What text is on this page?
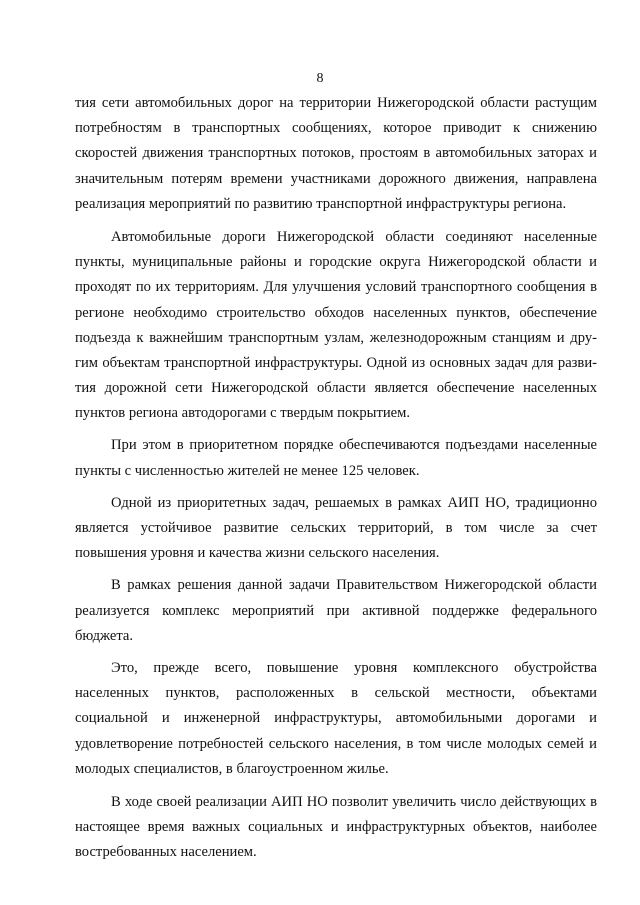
8
тия сети автомобильных дорог на территории Нижегородской области растущим
потребностям в транспортных сообщениях, которое приводит к снижению
скоростей движения транспортных потоков, простоям в автомобильных заторах и
значительным потерям времени участниками дорожного движения, направлена
реализация мероприятий по развитию транспортной инфраструктуры региона.
Автомобильные дороги Нижегородской области соединяют населенные
пункты, муниципальные районы и городские округа Нижегородской области и
проходят по их территориям. Для улучшения условий транспортного сообщения в
регионе необходимо строительство обходов населенных пунктов, обеспечение
подъезда к важнейшим транспортным узлам, железнодорожным станциям и дру-
гим объектам транспортной инфраструктуры. Одной из основных задач для разви-
тия дорожной сети Нижегородской области является обеспечение населенных
пунктов региона автодорогами с твердым покрытием.
При этом в приоритетном порядке обеспечиваются подъездами населенные
пункты с численностью жителей не менее 125 человек.
Одной из приоритетных задач, решаемых в рамках АИП НО, традиционно
является устойчивое развитие сельских территорий, в том числе за счет
повышения уровня и качества жизни сельского населения.
В рамках решения данной задачи Правительством Нижегородской области
реализуется комплекс мероприятий при активной поддержке федерального
бюджета.
Это, прежде всего, повышение уровня комплексного обустройства
населенных пунктов, расположенных в сельской местности, объектами
социальной и инженерной инфраструктуры, автомобильными дорогами и
удовлетворение потребностей сельского населения, в том числе молодых семей и
молодых специалистов, в благоустроенном жилье.
В ходе своей реализации АИП НО позволит увеличить число действующих в
настоящее время важных социальных и инфраструктурных объектов, наиболее
востребованных населением.
